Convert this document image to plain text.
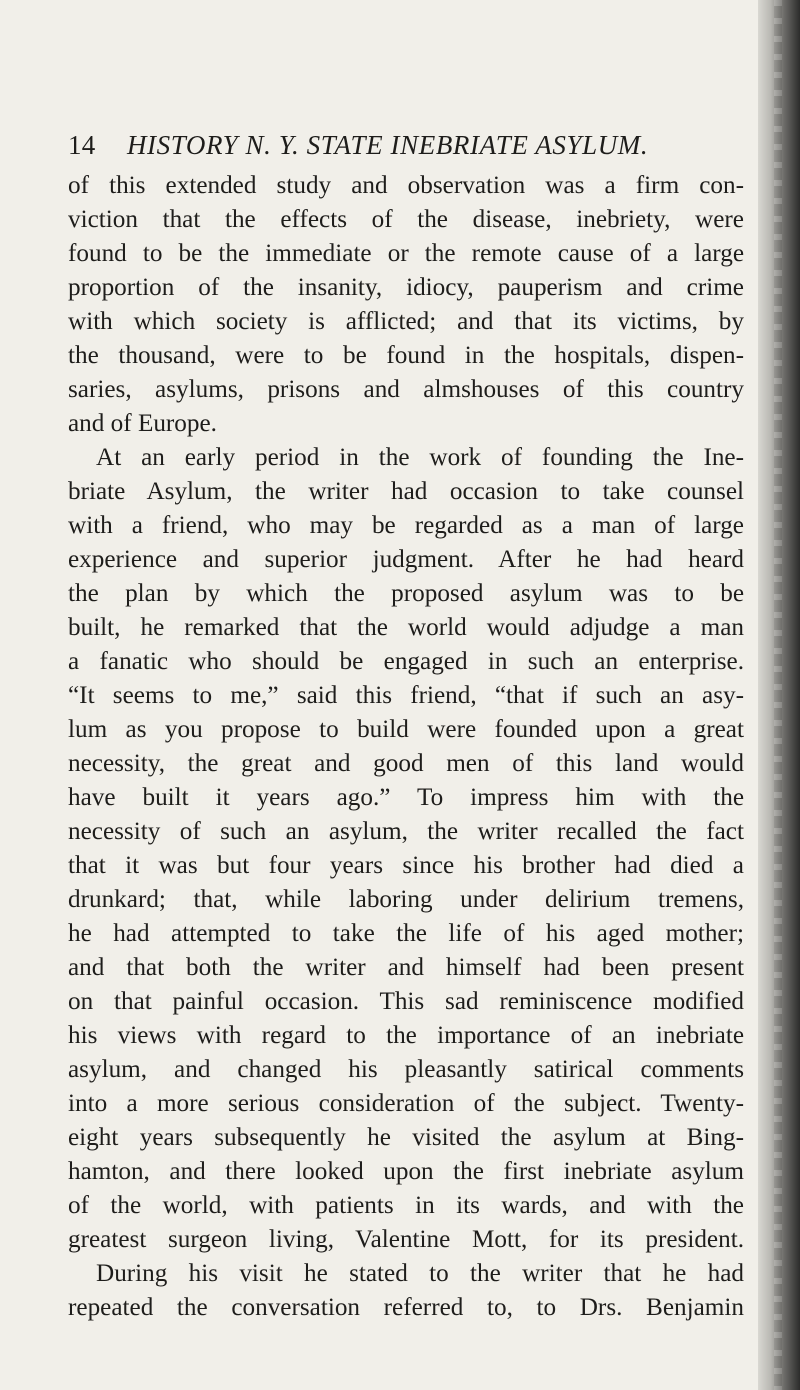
14 HISTORY N. Y. STATE INEBRIATE ASYLUM.
of this extended study and observation was a firm con-
viction that the effects of the disease, inebriety, were
found to be the immediate or the remote cause of a large
proportion of the insanity, idiocy, pauperism and crime
with which society is afflicted; and that its victims, by
the thousand, were to be found in the hospitals, dispen-
saries, asylums, prisons and almshouses of this country
and of Europe.
At an early period in the work of founding the Ine-
briate Asylum, the writer had occasion to take counsel
with a friend, who may be regarded as a man of large
experience and superior judgment. After he had heard
the plan by which the proposed asylum was to be
built, he remarked that the world would adjudge a man
a fanatic who should be engaged in such an enterprise.
“It seems to me,” said this friend, “that if such an asy-
lum as you propose to build were founded upon a great
necessity, the great and good men of this land would
have built it years ago.” To impress him with the
necessity of such an asylum, the writer recalled the fact
that it was but four years since his brother had died a
drunkard; that, while laboring under delirium tremens,
he had attempted to take the life of his aged mother;
and that both the writer and himself had been present
on that painful occasion. This sad reminiscence modified
his views with regard to the importance of an inebriate
asylum, and changed his pleasantly satirical comments
into a more serious consideration of the subject. Twenty-
eight years subsequently he visited the asylum at Bing-
hamton, and there looked upon the first inebriate asylum
of the world, with patients in its wards, and with the
greatest surgeon living, Valentine Mott, for its president.
During his visit he stated to the writer that he had
repeated the conversation referred to, to Drs. Benjamin
